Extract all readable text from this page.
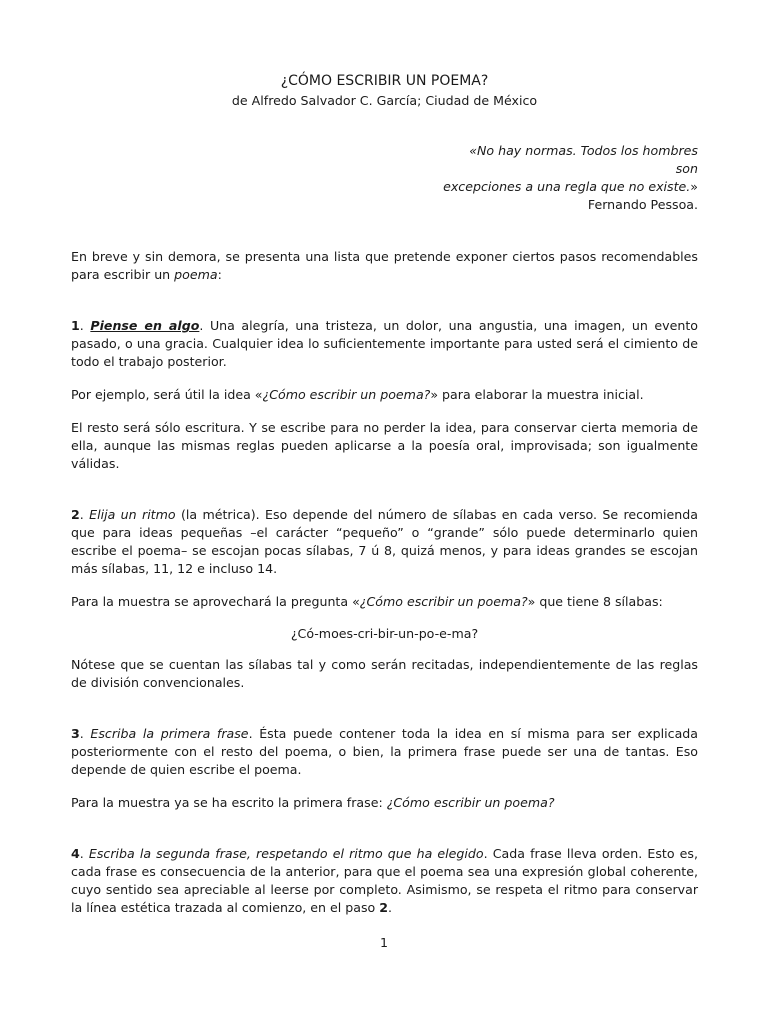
¿CÓMO ESCRIBIR UN POEMA?
de Alfredo Salvador C. García; Ciudad de México
«No hay normas. Todos los hombres son
excepciones a una regla que no existe.»
Fernando Pessoa.

En breve y sin demora, se presenta una lista que pretende exponer ciertos pasos recomendables para escribir un poema:

1. Piense en algo. Una alegría, una tristeza, un dolor, una angustia, una imagen, un evento pasado, o una gracia. Cualquier idea lo suficientemente importante para usted será el cimiento de todo el trabajo posterior.

Por ejemplo, será útil la idea «¿Cómo escribir un poema?» para elaborar la muestra inicial.

El resto será sólo escritura. Y se escribe para no perder la idea, para conservar cierta memoria de ella, aunque las mismas reglas pueden aplicarse a la poesía oral, improvisada; son igualmente válidas.

2. Elija un ritmo (la métrica). Eso depende del número de sílabas en cada verso. Se recomienda que para ideas pequeñas –el carácter “pequeño” o “grande” sólo puede determinarlo quien escribe el poema– se escojan pocas sílabas, 7 ú 8, quizá menos, y para ideas grandes se escojan más sílabas, 11, 12 e incluso 14.

Para la muestra se aprovechará la pregunta «¿Cómo escribir un poema?» que tiene 8 sílabas:

¿Có-moes-cri-bir-un-po-e-ma?

Nótese que se cuentan las sílabas tal y como serán recitadas, independientemente de las reglas de división convencionales.

3. Escriba la primera frase. Ésta puede contener toda la idea en sí misma para ser explicada posteriormente con el resto del poema, o bien, la primera frase puede ser una de tantas. Eso depende de quien escribe el poema.

Para la muestra ya se ha escrito la primera frase: ¿Cómo escribir un poema?

4. Escriba la segunda frase, respetando el ritmo que ha elegido. Cada frase lleva orden. Esto es, cada frase es consecuencia de la anterior, para que el poema sea una expresión global coherente, cuyo sentido sea apreciable al leerse por completo. Asimismo, se respeta el ritmo para conservar la línea estética trazada al comienzo, en el paso 2.

1
